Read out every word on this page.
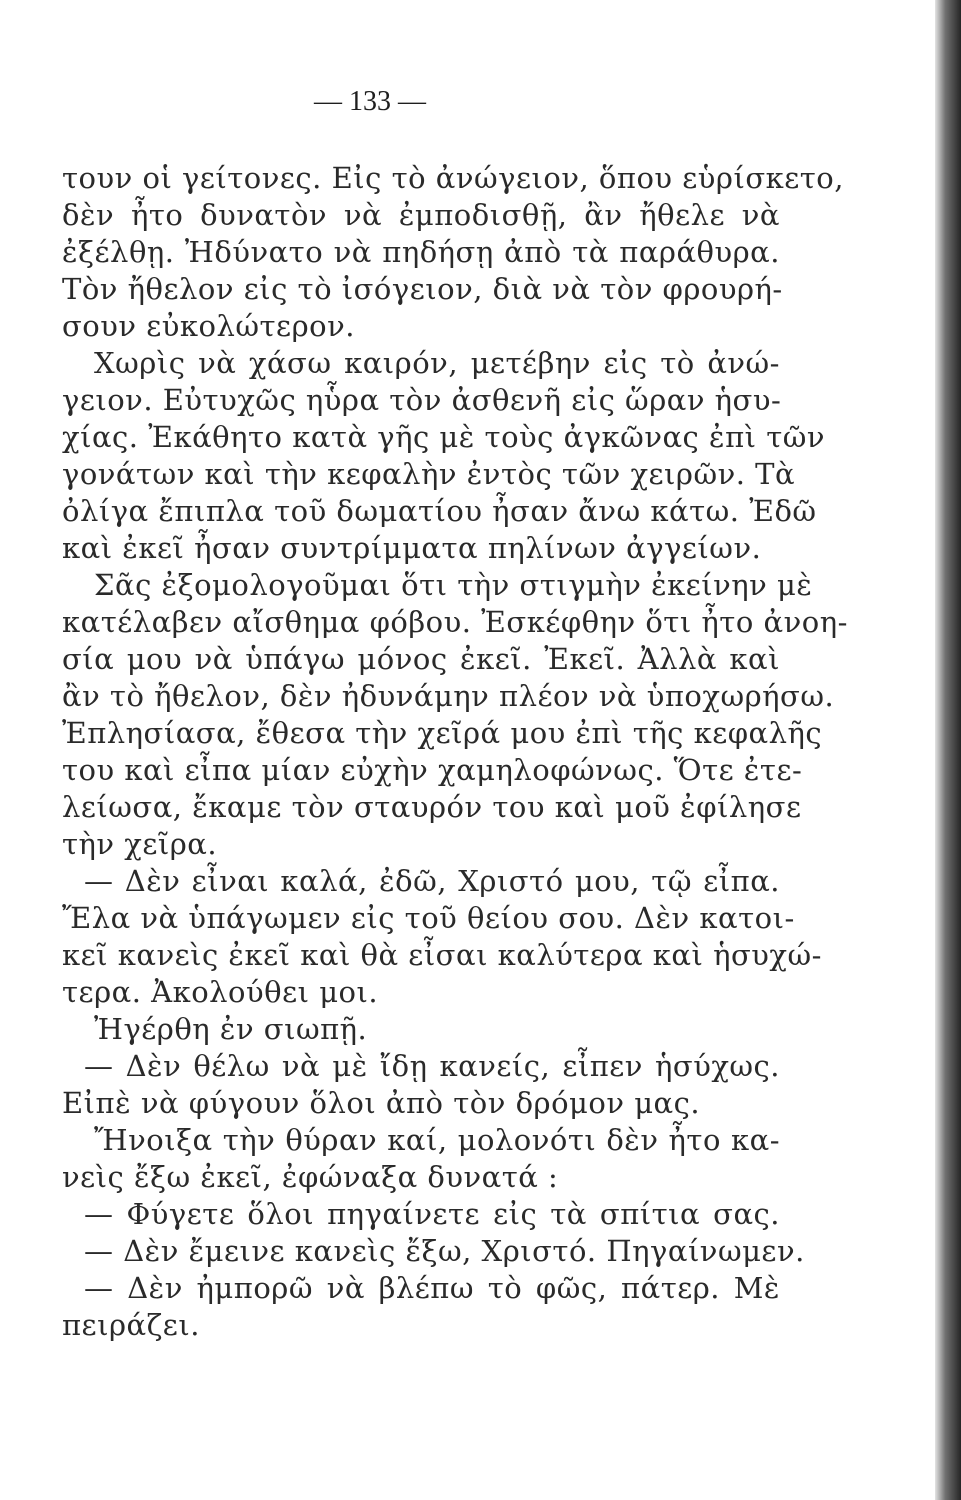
— 133 —
τουν οἱ γείτονες. Εἰς τὸ ἀνώγειον, ὅπου εὑρίσκετο,
δὲν ἦτο δυνατὸν νὰ ἐμποδισθῇ, ἂν ἤθελε νὰ
ἐξέλθῃ. Ἠδύνατο νὰ πηδήσῃ ἀπὸ τὰ παράθυρα.
Τὸν ἤθελον εἰς τὸ ἰσόγειον, διὰ νὰ τὸν φρουρή-
σουν εὐκολώτερον.
Χωρὶς νὰ χάσω καιρόν, μετέβην εἰς τὸ ἀνώ-
γειον. Εὐτυχῶς ηὗρα τὸν ἀσθενῆ εἰς ὥραν ἡσυ-
χίας. Ἐκάθητο κατὰ γῆς μὲ τοὺς ἀγκῶνας ἐπὶ τῶν
γονάτων καὶ τὴν κεφαλὴν ἐντὸς τῶν χειρῶν. Τὰ
ὀλίγα ἔπιπλα τοῦ δωματίου ἦσαν ἄνω κάτω. Ἐδῶ
καὶ ἐκεῖ ἦσαν συντρίμματα πηλίνων ἀγγείων.
Σᾶς ἐξομολογοῦμαι ὅτι τὴν στιγμὴν ἐκείνην μὲ
κατέλαβεν αἴσθημα φόβου. Ἐσκέφθην ὅτι ἦτο ἀνοη-
σία μου νὰ ὑπάγω μόνος ἐκεῖ. Ἐκεῖ. Ἀλλὰ καὶ
ἂν τὸ ἤθελον, δὲν ἠδυνάμην πλέον νὰ ὑποχωρήσω.
Ἐπλησίασα, ἔθεσα τὴν χεῖρά μου ἐπὶ τῆς κεφαλῆς
του καὶ εἶπα μίαν εὐχὴν χαμηλοφώνως. Ὅτε ἐτε-
λείωσα, ἔκαμε τὸν σταυρόν του καὶ μοῦ ἐφίλησε
τὴν χεῖρα.
— Δὲν εἶναι καλά, ἐδῶ, Χριστό μου, τῷ εἶπα.
Ἔλα νὰ ὑπάγωμεν εἰς τοῦ θείου σου. Δὲν κατοι-
κεῖ κανεὶς ἐκεῖ καὶ θὰ εἶσαι καλύτερα καὶ ἡσυχώ-
τερα. Ἀκολούθει μοι.
Ἠγέρθη ἐν σιωπῇ.
— Δὲν θέλω νὰ μὲ ἴδῃ κανείς, εἶπεν ἡσύχως.
Εἰπὲ νὰ φύγουν ὅλοι ἀπὸ τὸν δρόμον μας.
Ἤνοιξα τὴν θύραν καί, μολονότι δὲν ἦτο κα-
νεὶς ἔξω ἐκεῖ, ἐφώναξα δυνατά :
— Φύγετε ὅλοι πηγαίνετε εἰς τὰ σπίτια σας.
— Δὲν ἔμεινε κανεὶς ἔξω, Χριστό. Πηγαίνωμεν.
— Δὲν ἠμπορῶ νὰ βλέπω τὸ φῶς, πάτερ. Μὲ
πειράζει.
